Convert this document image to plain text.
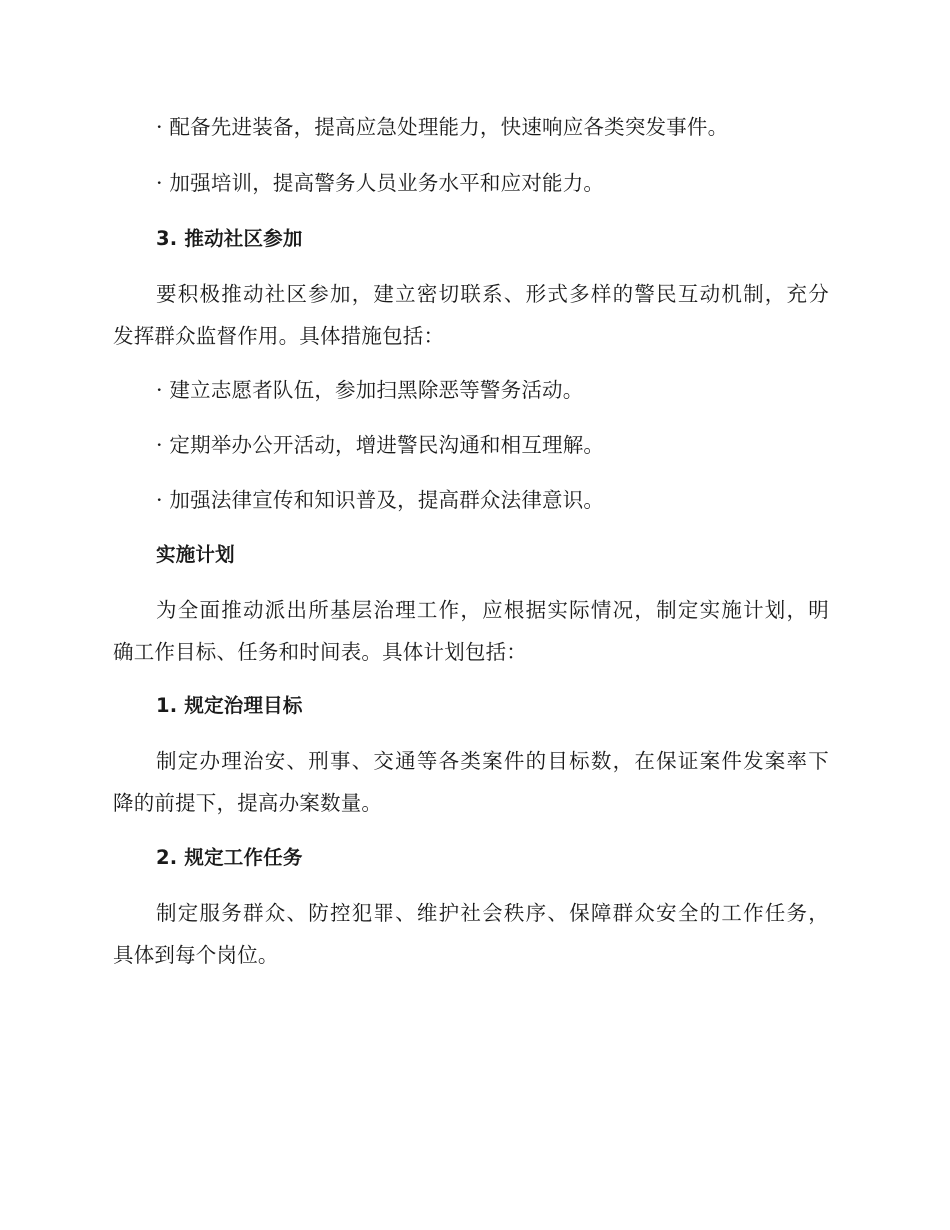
· 配备先进装备，提高应急处理能力，快速响应各类突发事件。
· 加强培训，提高警务人员业务水平和应对能力。
3. 推动社区参加
要积极推动社区参加，建立密切联系、形式多样的警民互动机制，充分
发挥群众监督作用。具体措施包括：
· 建立志愿者队伍，参加扫黑除恶等警务活动。
· 定期举办公开活动，增进警民沟通和相互理解。
· 加强法律宣传和知识普及，提高群众法律意识。
实施计划
为全面推动派出所基层治理工作，应根据实际情况，制定实施计划，明
确工作目标、任务和时间表。具体计划包括：
1. 规定治理目标
制定办理治安、刑事、交通等各类案件的目标数，在保证案件发案率下
降的前提下，提高办案数量。
2. 规定工作任务
制定服务群众、防控犯罪、维护社会秩序、保障群众安全的工作任务，
具体到每个岗位。
